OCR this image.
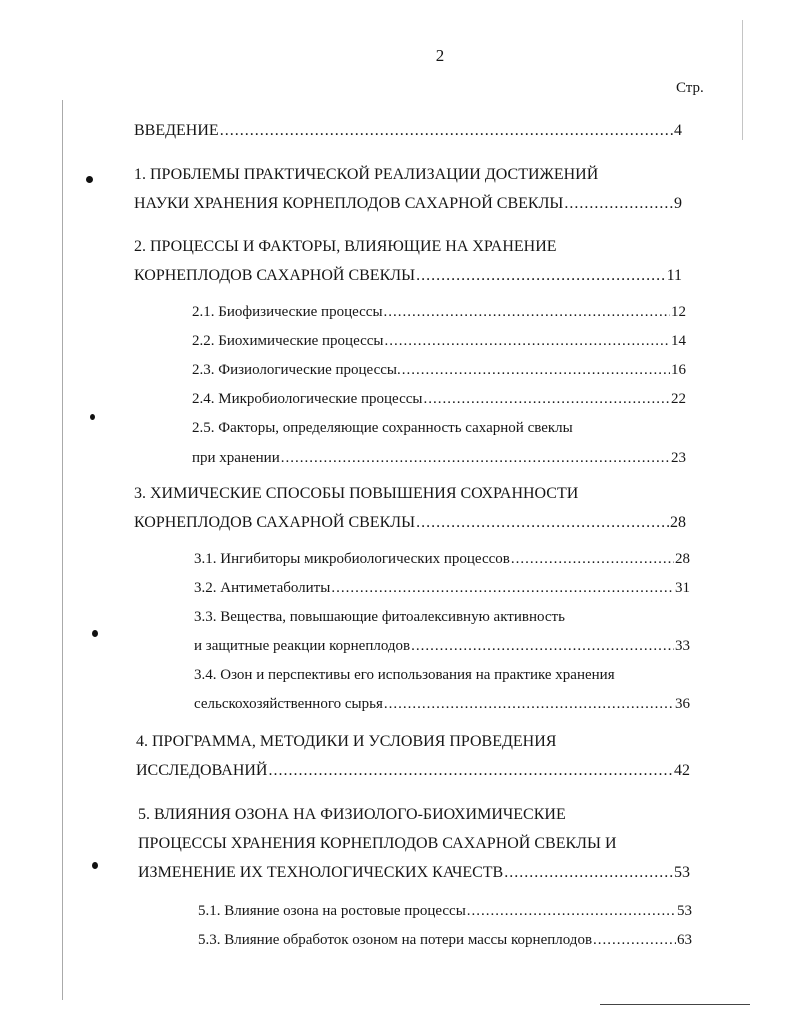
2
Стр.
ВВЕДЕНИЕ .....	4
1. ПРОБЛЕМЫ ПРАКТИЧЕСКОЙ РЕАЛИЗАЦИИ ДОСТИЖЕНИЙ
НАУКИ ХРАНЕНИЯ КОРНЕПЛОДОВ САХАРНОЙ СВЕКЛЫ .....	9
2. ПРОЦЕССЫ И ФАКТОРЫ, ВЛИЯЮЩИЕ НА ХРАНЕНИЕ
КОРНЕПЛОДОВ САХАРНОЙ СВЕКЛЫ .....	11
2.1. Биофизические процессы .....	12
2.2. Биохимические процессы .....	14
2.3. Физиологические процессы. .....	16
2.4. Микробиологические процессы .....	22
2.5. Факторы, определяющие сохранность сахарной свеклы
при хранении .....	23
3. ХИМИЧЕСКИЕ СПОСОБЫ ПОВЫШЕНИЯ СОХРАННОСТИ
КОРНЕПЛОДОВ САХАРНОЙ СВЕКЛЫ .....	28
3.1. Ингибиторы микробиологических процессов .....	28
3.2. Антиметаболиты .....	31
3.3. Вещества, повышающие фитоалексивную активность
и защитные реакции корнеплодов .....	33
3.4. Озон и перспективы его использования на практике хранения
сельскохозяйственного сырья .....	36
4. ПРОГРАММА, МЕТОДИКИ И УСЛОВИЯ ПРОВЕДЕНИЯ
ИССЛЕДОВАНИЙ .....	42
5. ВЛИЯНИЯ ОЗОНА НА ФИЗИОЛОГО-БИОХИМИЧЕСКИЕ
ПРОЦЕССЫ ХРАНЕНИЯ КОРНЕПЛОДОВ САХАРНОЙ СВЕКЛЫ И
ИЗМЕНЕНИЕ ИХ ТЕХНОЛОГИЧЕСКИХ КАЧЕСТВ .....	53
5.1. Влияние озона на ростовые процессы .....	53
5.3. Влияние обработок озоном на потери массы корнеплодов .....	63
